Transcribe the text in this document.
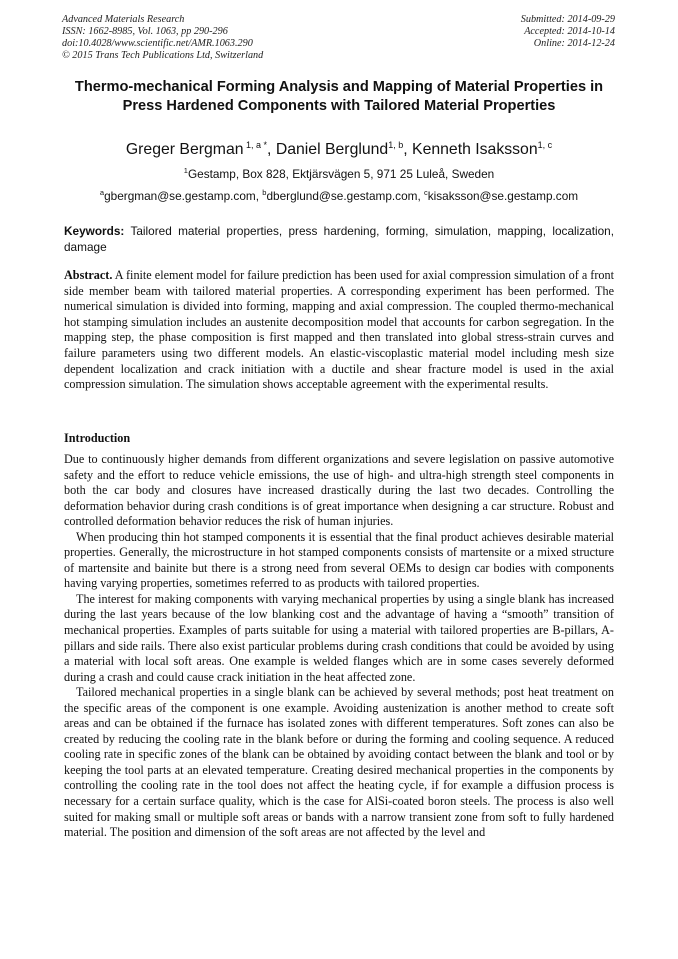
Advanced Materials Research
ISSN: 1662-8985, Vol. 1063, pp 290-296
doi:10.4028/www.scientific.net/AMR.1063.290
© 2015 Trans Tech Publications Ltd, Switzerland
Submitted: 2014-09-29
Accepted: 2014-10-14
Online: 2014-12-24
Thermo-mechanical Forming Analysis and Mapping of Material Properties in Press Hardened Components with Tailored Material Properties
Greger Bergman $^{1, a *}$, Daniel Berglund$^{1, b}$, Kenneth Isaksson$^{1, c}$
$^1$Gestamp, Box 828, Ektjärsvägen 5, 971 25 Luleå, Sweden
$^a$gbergman@se.gestamp.com, $^b$dberglund@se.gestamp.com, $^c$kisaksson@se.gestamp.com
Keywords: Tailored material properties, press hardening, forming, simulation, mapping, localization, damage
Abstract. A finite element model for failure prediction has been used for axial compression simulation of a front side member beam with tailored material properties. A corresponding experiment has been performed. The numerical simulation is divided into forming, mapping and axial compression. The coupled thermo-mechanical hot stamping simulation includes an austenite decomposition model that accounts for carbon segregation. In the mapping step, the phase composition is first mapped and then translated into global stress-strain curves and failure parameters using two different models. An elastic-viscoplastic material model including mesh size dependent localization and crack initiation with a ductile and shear fracture model is used in the axial compression simulation. The simulation shows acceptable agreement with the experimental results.
Introduction

Due to continuously higher demands from different organizations and severe legislation on passive automotive safety and the effort to reduce vehicle emissions, the use of high- and ultra-high strength steel components in both the car body and closures have increased drastically during the last two decades. Controlling the deformation behavior during crash conditions is of great importance when designing a car structure. Robust and controlled deformation behavior reduces the risk of human injuries.

When producing thin hot stamped components it is essential that the final product achieves desirable material properties. Generally, the microstructure in hot stamped components consists of martensite or a mixed structure of martensite and bainite but there is a strong need from several OEMs to design car bodies with components having varying properties, sometimes referred to as products with tailored properties.

The interest for making components with varying mechanical properties by using a single blank has increased during the last years because of the low blanking cost and the advantage of having a “smooth” transition of mechanical properties. Examples of parts suitable for using a material with tailored properties are B-pillars, A-pillars and side rails. There also exist particular problems during crash conditions that could be avoided by using a material with local soft areas. One example is welded flanges which are in some cases severely deformed during a crash and could cause crack initiation in the heat affected zone.

Tailored mechanical properties in a single blank can be achieved by several methods; post heat treatment on the specific areas of the component is one example. Avoiding austenization is another method to create soft areas and can be obtained if the furnace has isolated zones with different temperatures. Soft zones can also be created by reducing the cooling rate in the blank before or during the forming and cooling sequence. A reduced cooling rate in specific zones of the blank can be obtained by avoiding contact between the blank and tool or by keeping the tool parts at an elevated temperature. Creating desired mechanical properties in the components by controlling the cooling rate in the tool does not affect the heating cycle, if for example a diffusion process is necessary for a certain surface quality, which is the case for AlSi-coated boron steels. The process is also well suited for making small or multiple soft areas or bands with a narrow transient zone from soft to fully hardened material. The position and dimension of the soft areas are not affected by the level and
